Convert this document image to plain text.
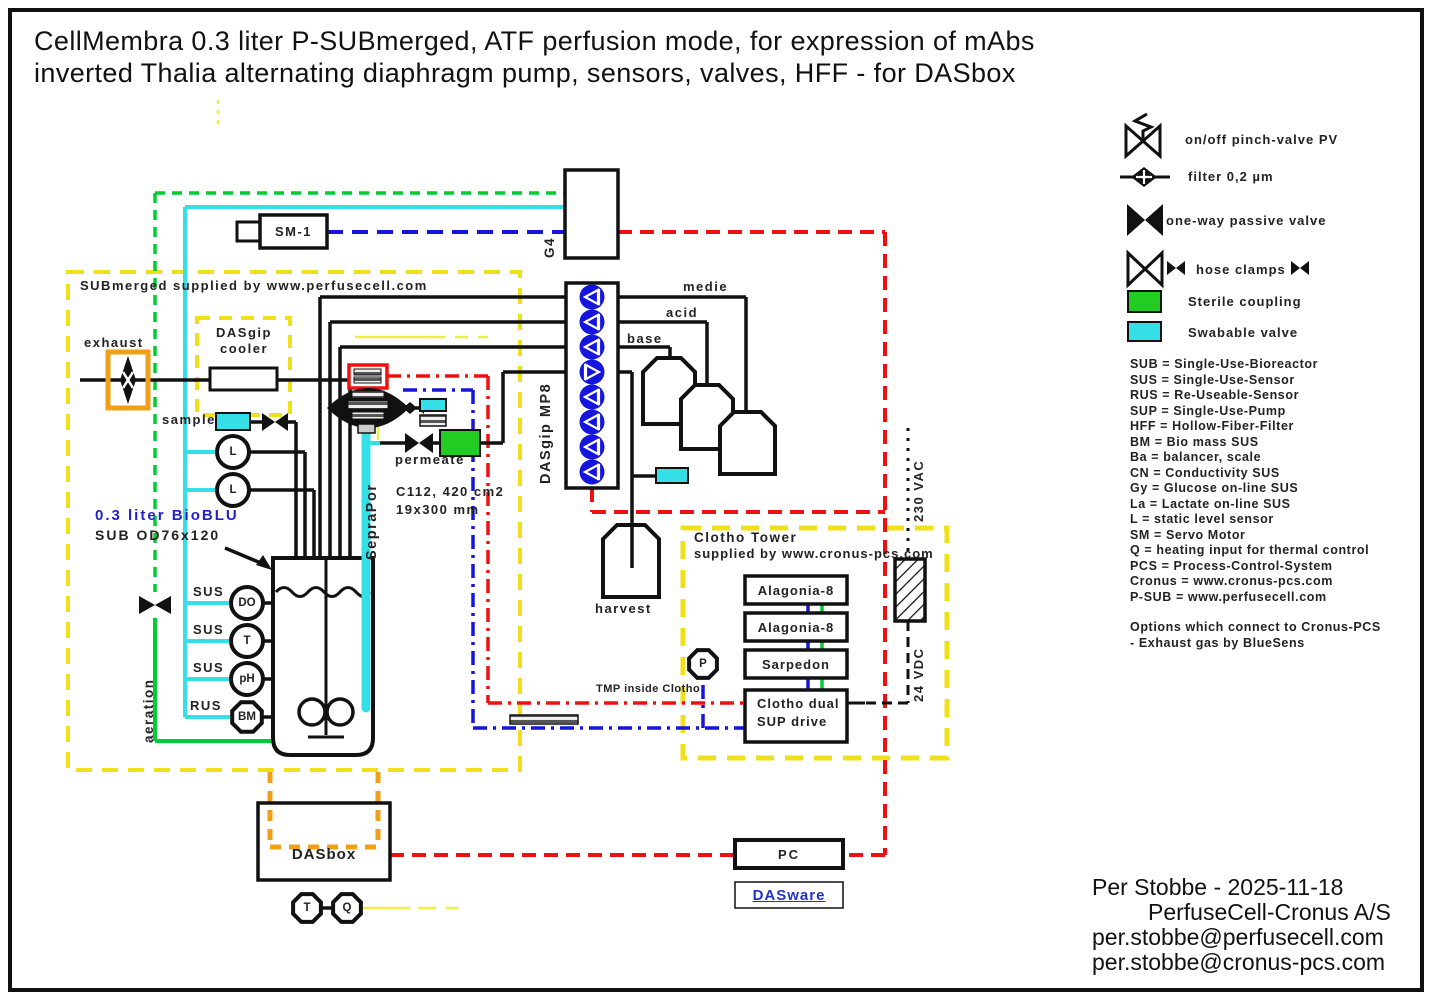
CellMembra 0.3 liter P-SUBmerged, ATF perfusion mode, for expression of mAbs
inverted Thalia alternating diaphragm pump, sensors, valves, HFF - for DASbox
SUBmerged supplied by www.perfusecell.com
exhaust
DASgip
cooler
sample
SM-1
G4
0.3 liter BioBLU
SUB OD76x120
SUS
SUS
SUS
RUS
aeration
SepraPor C112, 420 cm2
19x300 mm
permeate	DASgip MP8
medie
acid
base
harvest
Clotho Tower
supplied by www.cronus-pcs.com
Alagonia-8
Alagonia-8
Sarpedon
Clotho dual
SUP drive
230 VAC
24 VDC
TMP inside Clotho
DASbox	PC
DASware
L
L
DO
T
pH
BM
P
T	Q
on/off pinch-valve PV
filter 0,2 µm
one-way passive valve
hose clamps
Sterile coupling
Swabable valve
SUB = Single-Use-Bioreactor
SUS = Single-Use-Sensor
RUS = Re-Useable-Sensor
SUP = Single-Use-Pump
HFF = Hollow-Fiber-Filter
BM = Bio mass SUS
Ba = balancer, scale
CN = Conductivity SUS
Gy = Glucose on-line SUS
La = Lactate on-line SUS
L = static level sensor
SM = Servo Motor
Q = heating input for thermal control
PCS = Process-Control-System
Cronus = www.cronus-pcs.com
P-SUB = www.perfusecell.com
Options which connect to Cronus-PCS
- Exhaust gas by BlueSens
Per Stobbe - 2025-11-18
PerfuseCell-Cronus A/S
per.stobbe@perfusecell.com
per.stobbe@cronus-pcs.com
